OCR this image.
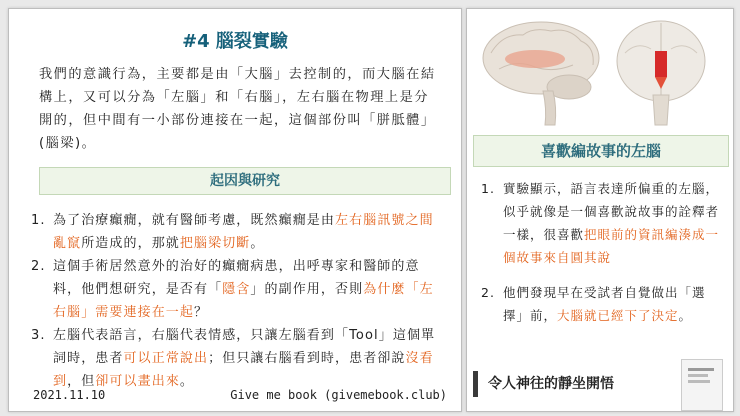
#4 腦裂實驗
我們的意識行為，主要都是由「大腦」去控制的，而大腦在結構上，又可以分為「左腦」和「右腦」，左右腦在物理上是分開的，但中間有一小部份連接在一起，這個部份叫「胼胝體」(腦梁)。
起因與研究
1. 為了治療癲癇，就有醫師考慮，既然癲癇是由左右腦訊號之間亂竄所造成的，那就把腦梁切斷。
2. 這個手術居然意外的治好的癲癇病患，出呼專家和醫師的意料，他們想研究，是否有「隱含」的副作用，否則為什麼「左右腦」需要連接在一起？
3. 左腦代表語言，右腦代表情感，只讓左腦看到「Tool」這個單詞時，患者可以正常說出；但只讓右腦看到時，患者卻說沒看到，但卻可以畫出來。
2021.11.10	Give me book (givemebook.club)
喜歡編故事的左腦
1. 實驗顯示，語言表達所偏重的左腦，似乎就像是一個喜歡說故事的詮釋者一樣，很喜歡把眼前的資訊編湊成一個故事來自圓其說
2. 他們發現早在受試者自覺做出「選擇」前，大腦就已經下了決定。
令人神往的靜坐開悟
